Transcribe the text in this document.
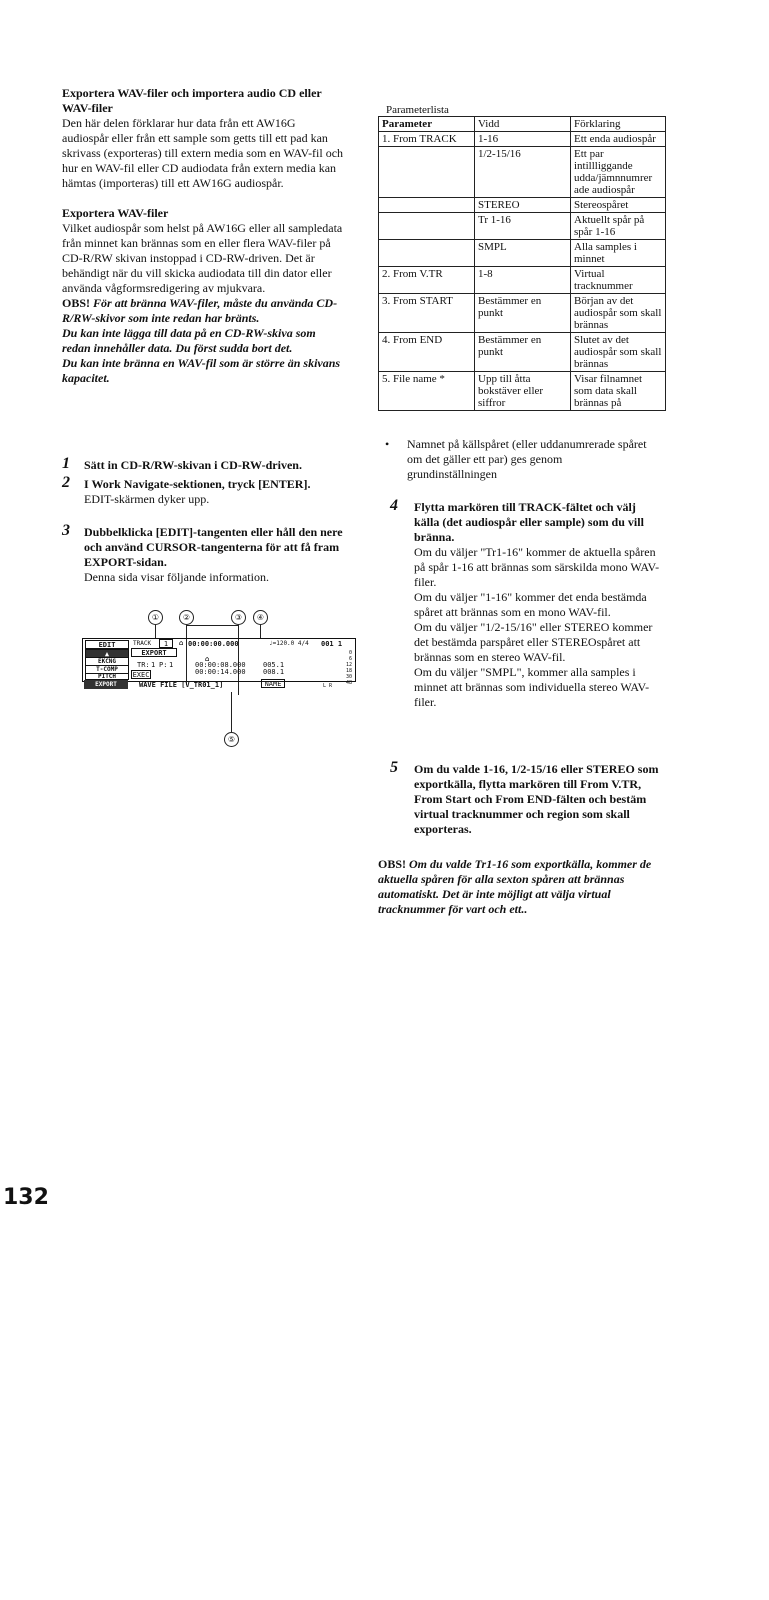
Exportera WAV-filer och importera audio CD eller WAV-filer
Den här delen förklarar hur data från ett AW16G audiospår eller från ett sample som getts till ett pad kan skrivass (exporteras) till extern media som en WAV-fil och hur en WAV-fil eller CD audiodata från extern media kan hämtas (importeras) till ett AW16G audiospår.
Exportera WAV-filer
Vilket audiospår som helst på AW16G eller all sampledata från minnet kan brännas som en eller flera WAV-filer på CD-R/RW skivan instoppad i CD-RW-driven. Det är behändigt när du vill skicka audiodata till din dator eller använda vågformsredigering av mjukvara.
OBS! För att bränna WAV-filer, måste du använda CD-R/RW-skivor som inte redan har bränts.
Du kan inte lägga till data på en CD-RW-skiva som redan innehåller data. Du först sudda bort det.
Du kan inte bränna en WAV-fil som är större än skivans kapacitet.
1 Sätt in CD-R/RW-skivan i CD-RW-driven.
2 I Work Navigate-sektionen, tryck [ENTER].
EDIT-skärmen dyker upp.
3 Dubbelklicka [EDIT]-tangenten eller håll den nere och använd CURSOR-tangenterna för att få fram EXPORT-sidan.
Denna sida visar följande information.
①	②	③	④
EDIT
▲
EKCNG
T-COMP
PITCH
TRACK	1	⌂ 00:00:00.000	♩=120.0 4/4 001 1
EXPORT
TR: 1 P: 1
⌂
00:00:08.000
00:00:14.000
005.1
008.1
EXEC
WAVE FILE [V_TR01_1]	NAME
0
6
12
18
30
48
L R
EXPORT
⑤
Parameterlista
Parameter	Vidd	Förklaring
1. From TRACK	1-16	Ett enda audiospår
	1/2-15/16	Ett par intillliggande udda/jämnnumrer ade audiospår
	STEREO	Stereospåret
	Tr 1-16	Aktuellt spår på spår 1-16
	SMPL	Alla samples i minnet
2. From V.TR	1-8	Virtual tracknummer
3. From START	Bestämmer en punkt	Början av det audiospår som skall brännas
4. From END	Bestämmer en punkt	Slutet av det audiospår som skall brännas
5. File name *	Upp till åtta bokstäver eller siffror	Visar filnamnet som data skall brännas på
•	Namnet på källspåret (eller uddanumrerade spåret om det gäller ett par) ges genom grundinställningen
4 Flytta markören till TRACK-fältet och välj källa (det audiospår eller sample) som du vill bränna.
Om du väljer "Tr1-16" kommer de aktuella spåren på spår 1-16 att brännas som särskilda mono WAV-filer.
Om du väljer "1-16" kommer det enda bestämda spåret att brännas som en mono WAV-fil.
Om du väljer "1/2-15/16" eller STEREO kommer det bestämda parspåret eller STEREOspåret att brännas som en stereo WAV-fil.
Om du väljer "SMPL", kommer alla samples i minnet att brännas som individuella stereo WAV-filer.
5 Om du valde 1-16, 1/2-15/16 eller STEREO som exportkälla, flytta markören till From V.TR, From Start och From END-fälten och bestäm virtual tracknummer och region som skall exporteras.
OBS! Om du valde Tr1-16 som exportkälla, kommer de aktuella spåren för alla sexton spåren att brännas automatiskt. Det är inte möjligt att välja virtual tracknummer för vart och ett..
132
